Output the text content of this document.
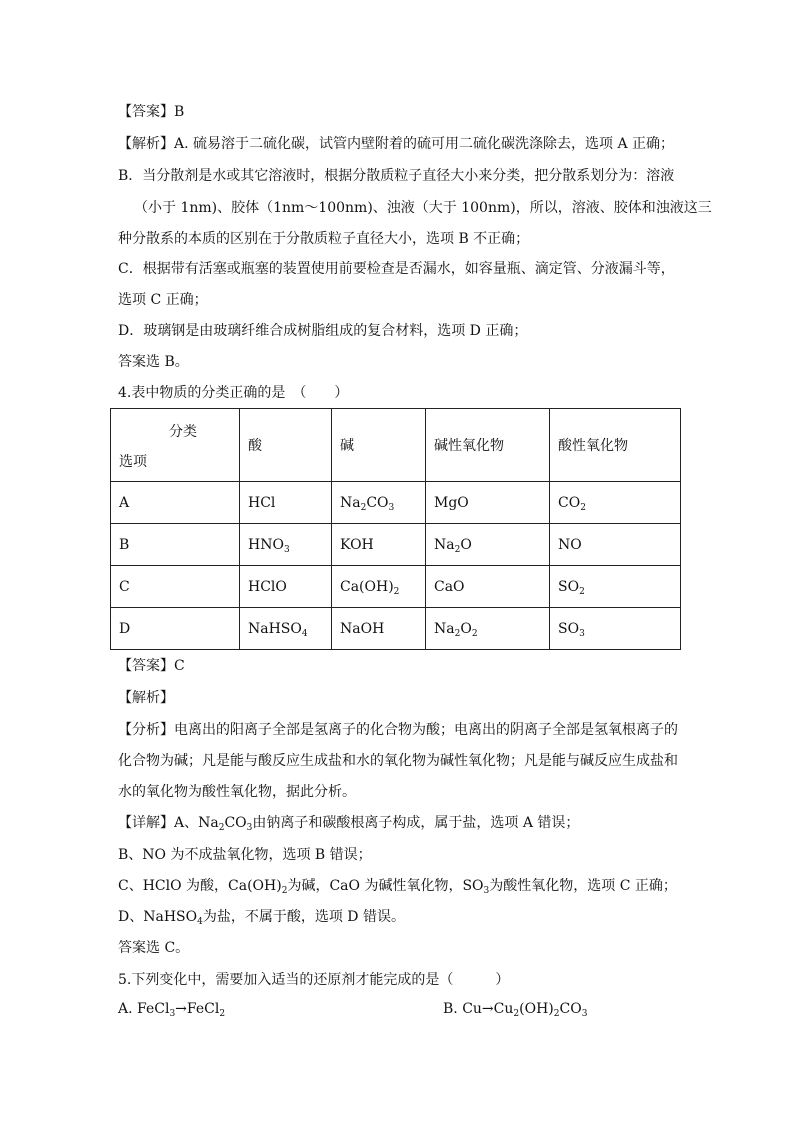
【答案】B
【解析】A. 硫易溶于二硫化碳，试管内壁附着的硫可用二硫化碳洗涤除去，选项 A 正确；
B．当分散剂是水或其它溶液时，根据分散质粒子直径大小来分类，把分散系划分为：溶液
（小于 1nm)、胶体（1nm～100nm)、浊液（大于 100nm)，所以，溶液、胶体和浊液这三
种分散系的本质的区别在于分散质粒子直径大小，选项 B 不正确；
C．根据带有活塞或瓶塞的装置使用前要检查是否漏水，如容量瓶、滴定管、分液漏斗等，
选项 C 正确；
D．玻璃钢是由玻璃纤维合成树脂组成的复合材料，选项 D 正确；
答案选 B。
4.表中物质的分类正确的是　（　　）
分类
选项	酸	碱	碱性氧化物	酸性氧化物
A	HCl	$Na_2CO_3$	MgO	$CO_2$
B	$HNO_3$	KOH	$Na_2O$	NO
C	HClO	$Ca(OH)_2$	CaO	$SO_2$
D	NaHSO$_4$	NaOH	$Na_2O_2$	$SO_3$
【答案】C
【解析】
【分析】电离出的阳离子全部是氢离子的化合物为酸；电离出的阴离子全部是氢氧根离子的
化合物为碱；凡是能与酸反应生成盐和水的氧化物为碱性氧化物；凡是能与碱反应生成盐和
水的氧化物为酸性氧化物，据此分析。
【详解】A、$Na_2CO_3$由钠离子和碳酸根离子构成，属于盐，选项 A 错误；
B、NO 为不成盐氧化物，选项 B 错误；
C、HClO 为酸，$Ca(OH)_2$为碱，CaO 为碱性氧化物，$SO_3$为酸性氧化物，选项 C 正确；
D、NaHSO$_4$为盐，不属于酸，选项 D 错误。
答案选 C。
5.下列变化中，需要加入适当的还原剂才能完成的是（　　　）
A. FeCl$_3$→FeCl$_2$	B. $Cu\to Cu_2(OH)_2CO_3$
